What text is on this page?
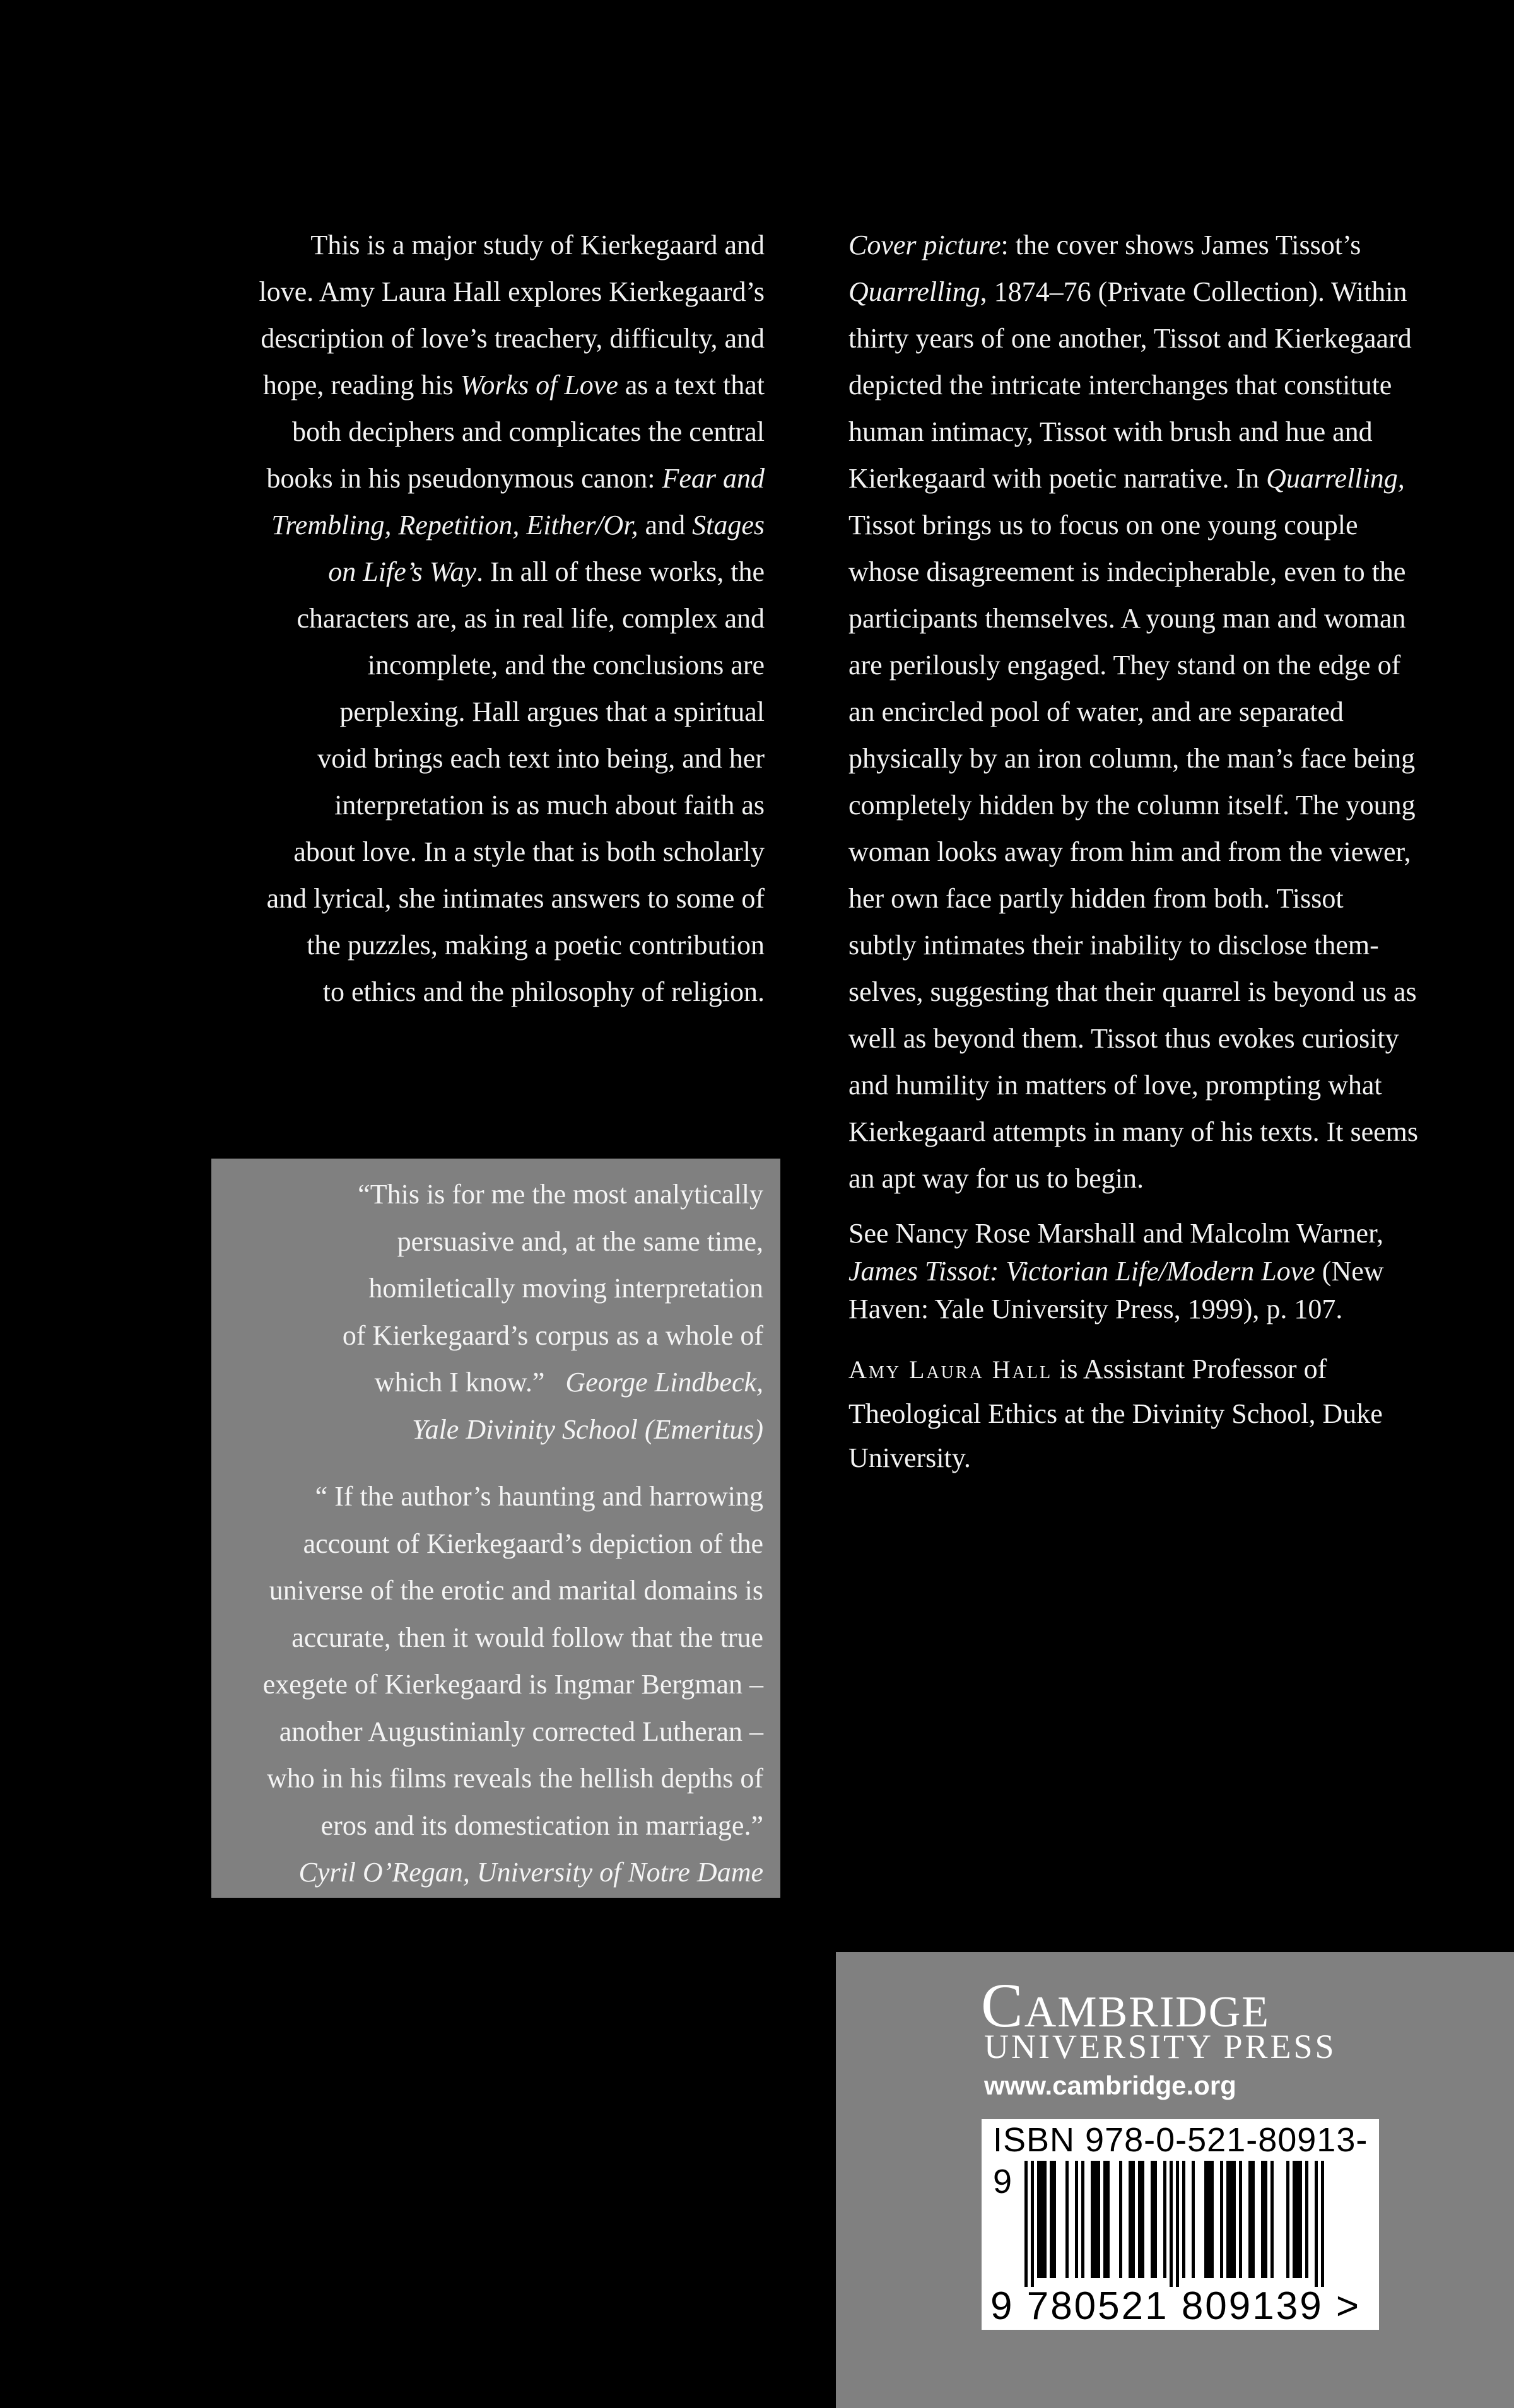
This is a major study of Kierkegaard and
love. Amy Laura Hall explores Kierkegaard’s
description of love’s treachery, difficulty, and
hope, reading his Works of Love as a text that
both deciphers and complicates the central
books in his pseudonymous canon: Fear and
Trembling, Repetition, Either/Or, and Stages
on Life’s Way. In all of these works, the
characters are, as in real life, complex and
incomplete, and the conclusions are
perplexing. Hall argues that a spiritual
void brings each text into being, and her
interpretation is as much about faith as
about love. In a style that is both scholarly
and lyrical, she intimates answers to some of
the puzzles, making a poetic contribution
to ethics and the philosophy of religion.

Cover picture: the cover shows James Tissot’s
Quarrelling, 1874–76 (Private Collection). Within
thirty years of one another, Tissot and Kierkegaard
depicted the intricate interchanges that constitute
human intimacy, Tissot with brush and hue and
Kierkegaard with poetic narrative. In Quarrelling,
Tissot brings us to focus on one young couple
whose disagreement is indecipherable, even to the
participants themselves. A young man and woman
are perilously engaged. They stand on the edge of
an encircled pool of water, and are separated
physically by an iron column, the man’s face being
completely hidden by the column itself. The young
woman looks away from him and from the viewer,
her own face partly hidden from both. Tissot
subtly intimates their inability to disclose them-
selves, suggesting that their quarrel is beyond us as
well as beyond them. Tissot thus evokes curiosity
and humility in matters of love, prompting what
Kierkegaard attempts in many of his texts. It seems
an apt way for us to begin.

See Nancy Rose Marshall and Malcolm Warner,
James Tissot: Victorian Life/Modern Love (New
Haven: Yale University Press, 1999), p. 107.

Amy Laura Hall is Assistant Professor of
Theological Ethics at the Divinity School, Duke
University.

“This is for me the most analytically
persuasive and, at the same time,
homiletically moving interpretation
of Kierkegaard’s corpus as a whole of
which I know.” George Lindbeck,
Yale Divinity School (Emeritus)

“ If the author’s haunting and harrowing
account of Kierkegaard’s depiction of the
universe of the erotic and marital domains is
accurate, then it would follow that the true
exegete of Kierkegaard is Ingmar Bergman –
another Augustinianly corrected Lutheran –
who in his films reveals the hellish depths of
eros and its domestication in marriage.”
Cyril O’Regan, University of Notre Dame

Cambridge
UNIVERSITY PRESS
www.cambridge.org
ISBN 978-0-521-80913-9
9 780521 809139 >
